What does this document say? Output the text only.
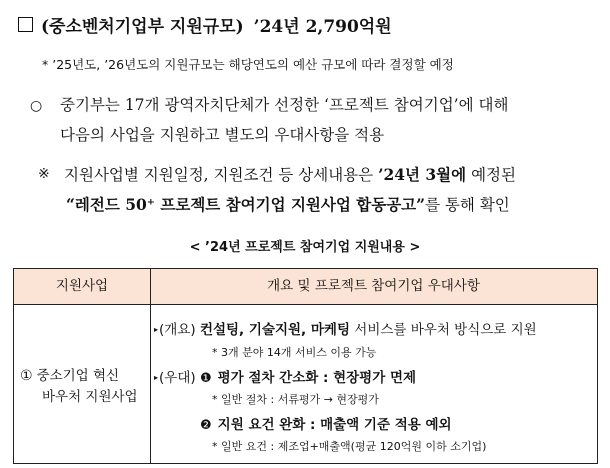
(중소벤처기업부 지원규모) ’24년 2,790억원
* ’25년도, ’26년도의 지원규모는 해당연도의 예산 규모에 따라 결정할 예정
○ 중기부는 17개 광역자치단체가 선정한 ‘프로젝트 참여기업’에 대해
다음의 사업을 지원하고 별도의 우대사항을 적용
※ 지원사업별 지원일정, 지원조건 등 상세내용은 ’24년 3월에 예정된
“레전드 50⁺ 프로젝트 참여기업 지원사업 합동공고”를 통해 확인
< ’24년 프로젝트 참여기업 지원내용 >
지원사업	개요 및 프로젝트 참여기업 우대사항
① 중소기업 혁신
바우처 지원사업
▸(개요) 컨설팅, 기술지원, 마케팅 서비스를 바우처 방식으로 지원
* 3개 분야 14개 서비스 이용 가능
▸(우대) ❶ 평가 절차 간소화 : 현장평가 면제
* 일반 절차 : 서류평가 → 현장평가
❷ 지원 요건 완화 : 매출액 기준 적용 예외
* 일반 요건 : 제조업+매출액(평균 120억원 이하 소기업)
